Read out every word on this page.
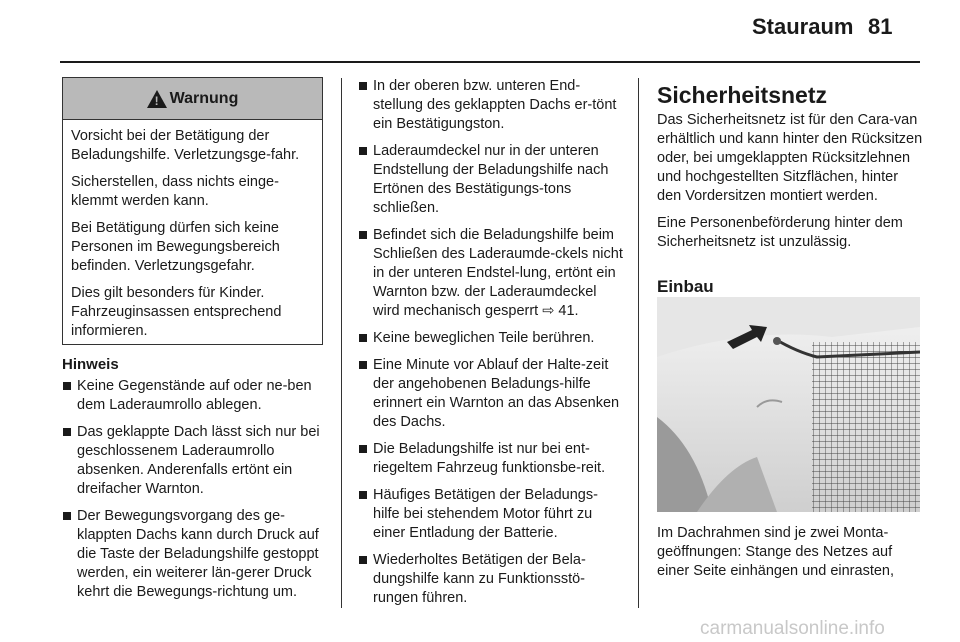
Stauraum 81
! Warnung

Vorsicht bei der Betätigung der Beladungshilfe. Verletzungsge-fahr.

Sicherstellen, dass nichts einge-klemmt werden kann.

Bei Betätigung dürfen sich keine Personen im Bewegungsbereich befinden. Verletzungsgefahr.

Dies gilt besonders für Kinder. Fahrzeuginsassen entsprechend informieren.

Hinweis
Keine Gegenstände auf oder ne-ben dem Laderaumrollo ablegen.
Das geklappte Dach lässt sich nur bei geschlossenem Laderaumrollo absenken. Anderenfalls ertönt ein dreifacher Warnton.
Der Bewegungsvorgang des ge-klappten Dachs kann durch Druck auf die Taste der Beladungshilfe gestoppt werden, ein weiterer län-gerer Druck kehrt die Bewegungs-richtung um.
In der oberen bzw. unteren End-stellung des geklappten Dachs er-tönt ein Bestätigungston.
Laderaumdeckel nur in der unteren Endstellung der Beladungshilfe nach Ertönen des Bestätigungs-tons schließen.
Befindet sich die Beladungshilfe beim Schließen des Laderaumde-ckels nicht in der unteren Endstel-lung, ertönt ein Warnton bzw. der Laderaumdeckel wird mechanisch gesperrt ⇨ 41.
Keine beweglichen Teile berühren.
Eine Minute vor Ablauf der Halte-zeit der angehobenen Beladungs-hilfe erinnert ein Warnton an das Absenken des Dachs.
Die Beladungshilfe ist nur bei ent-riegeltem Fahrzeug funktionsbe-reit.
Häufiges Betätigen der Beladungs-hilfe bei stehendem Motor führt zu einer Entladung der Batterie.
Wiederholtes Betätigen der Bela-dungshilfe kann zu Funktionsstö-rungen führen.
Sicherheitsnetz

Das Sicherheitsnetz ist für den Cara-van erhältlich und kann hinter den Rücksitzen oder, bei umgeklappten Rücksitzlehnen und hochgestellten Sitzflächen, hinter den Vordersitzen montiert werden.

Eine Personenbeförderung hinter dem Sicherheitsnetz ist unzulässig.

Einbau

Im Dachrahmen sind je zwei Monta-geöffnungen: Stange des Netzes auf einer Seite einhängen und einrasten,

carmanualsonline.info
